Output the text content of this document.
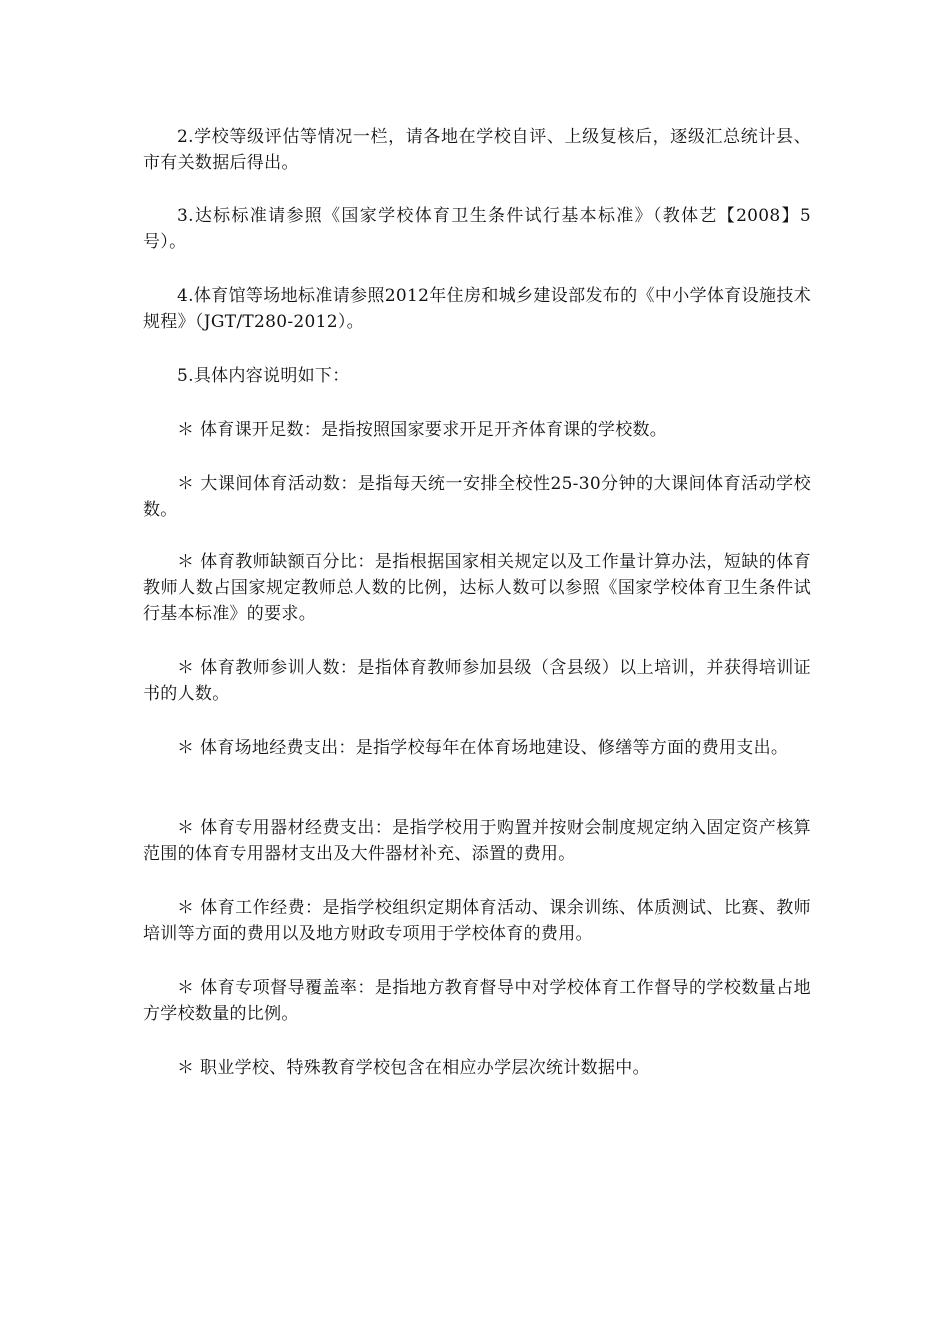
2.学校等级评估等情况一栏，请各地在学校自评、上级复核后，逐级汇总统计县、市有关数据后得出。

3.达标标准请参照《国家学校体育卫生条件试行基本标准》（教体艺【2008】5号）。

4.体育馆等场地标准请参照2012年住房和城乡建设部发布的《中小学体育设施技术规程》（JGT/T280-2012）。

5.具体内容说明如下：

＊ 体育课开足数：是指按照国家要求开足开齐体育课的学校数。

＊ 大课间体育活动数：是指每天统一安排全校性25-30分钟的大课间体育活动学校数。

＊ 体育教师缺额百分比：是指根据国家相关规定以及工作量计算办法，短缺的体育教师人数占国家规定教师总人数的比例，达标人数可以参照《国家学校体育卫生条件试行基本标准》的要求。

＊ 体育教师参训人数：是指体育教师参加县级（含县级）以上培训，并获得培训证书的人数。

＊ 体育场地经费支出：是指学校每年在体育场地建设、修缮等方面的费用支出。

＊ 体育专用器材经费支出：是指学校用于购置并按财会制度规定纳入固定资产核算范围的体育专用器材支出及大件器材补充、添置的费用。

＊ 体育工作经费：是指学校组织定期体育活动、课余训练、体质测试、比赛、教师培训等方面的费用以及地方财政专项用于学校体育的费用。

＊ 体育专项督导覆盖率：是指地方教育督导中对学校体育工作督导的学校数量占地方学校数量的比例。

＊ 职业学校、特殊教育学校包含在相应办学层次统计数据中。
